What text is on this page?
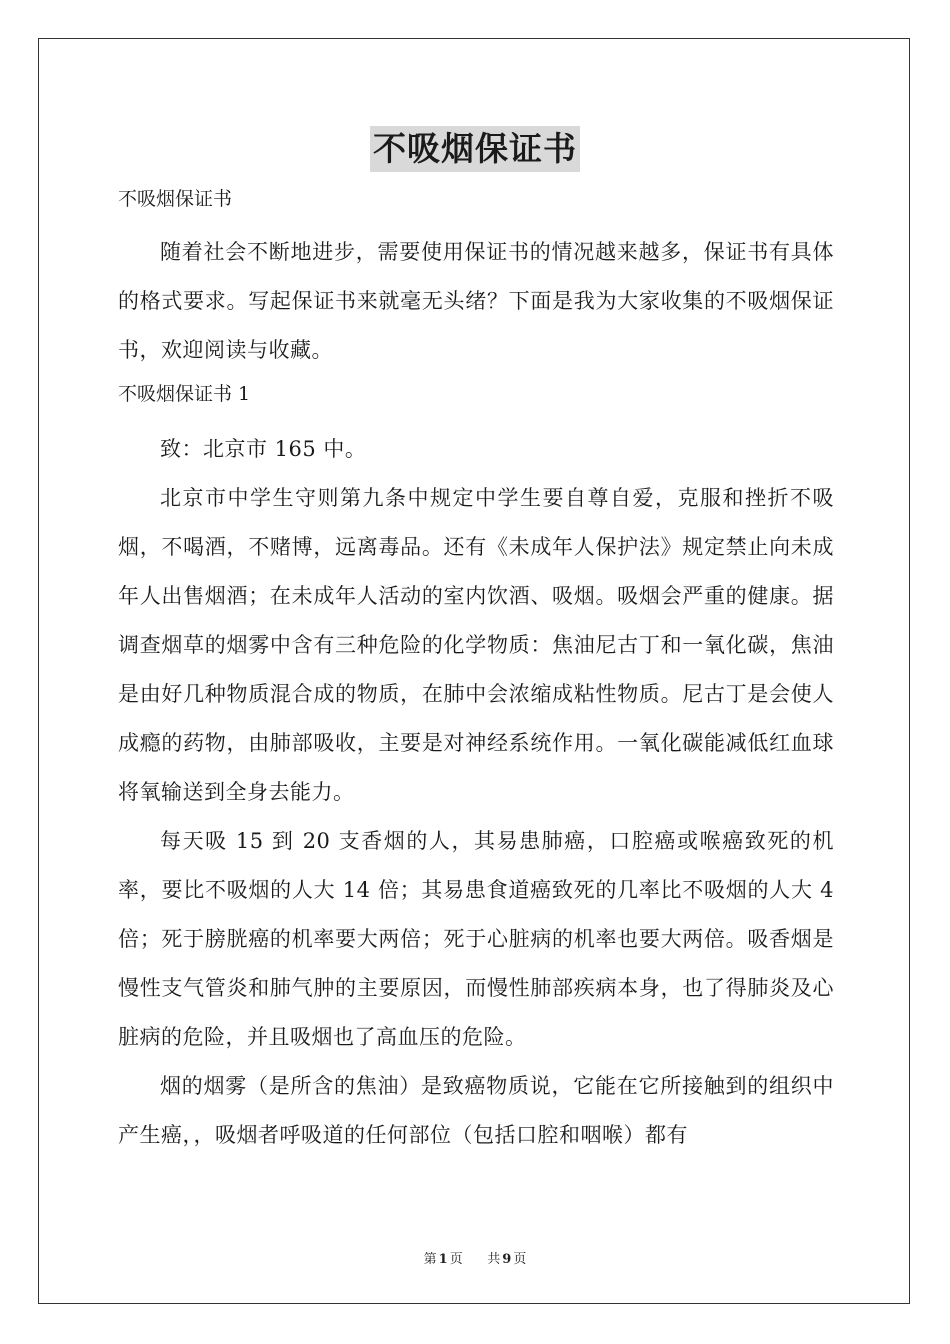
不吸烟保证书
不吸烟保证书

随着社会不断地进步，需要使用保证书的情况越来越多，保证书有具体的格式要求。写起保证书来就毫无头绪？下面是我为大家收集的不吸烟保证书，欢迎阅读与收藏。

不吸烟保证书 1

致：北京市 165 中。

北京市中学生守则第九条中规定中学生要自尊自爱，克服和挫折不吸烟，不喝酒，不赌博，远离毒品。还有《未成年人保护法》规定禁止向未成年人出售烟酒；在未成年人活动的室内饮酒、吸烟。吸烟会严重的健康。据调查烟草的烟雾中含有三种危险的化学物质：焦油尼古丁和一氧化碳，焦油是由好几种物质混合成的物质，在肺中会浓缩成粘性物质。尼古丁是会使人成瘾的药物，由肺部吸收，主要是对神经系统作用。一氧化碳能减低红血球将氧输送到全身去能力。

每天吸 15 到 20 支香烟的人，其易患肺癌，口腔癌或喉癌致死的机率，要比不吸烟的人大 14 倍；其易患食道癌致死的几率比不吸烟的人大 4 倍；死于膀胱癌的机率要大两倍；死于心脏病的机率也要大两倍。吸香烟是慢性支气管炎和肺气肿的主要原因，而慢性肺部疾病本身，也了得肺炎及心脏病的危险，并且吸烟也了高血压的危险。

烟的烟雾（是所含的焦油）是致癌物质说，它能在它所接触到的组织中产生癌，，吸烟者呼吸道的任何部位（包括口腔和咽喉）都有

第 1 页 共 9 页
